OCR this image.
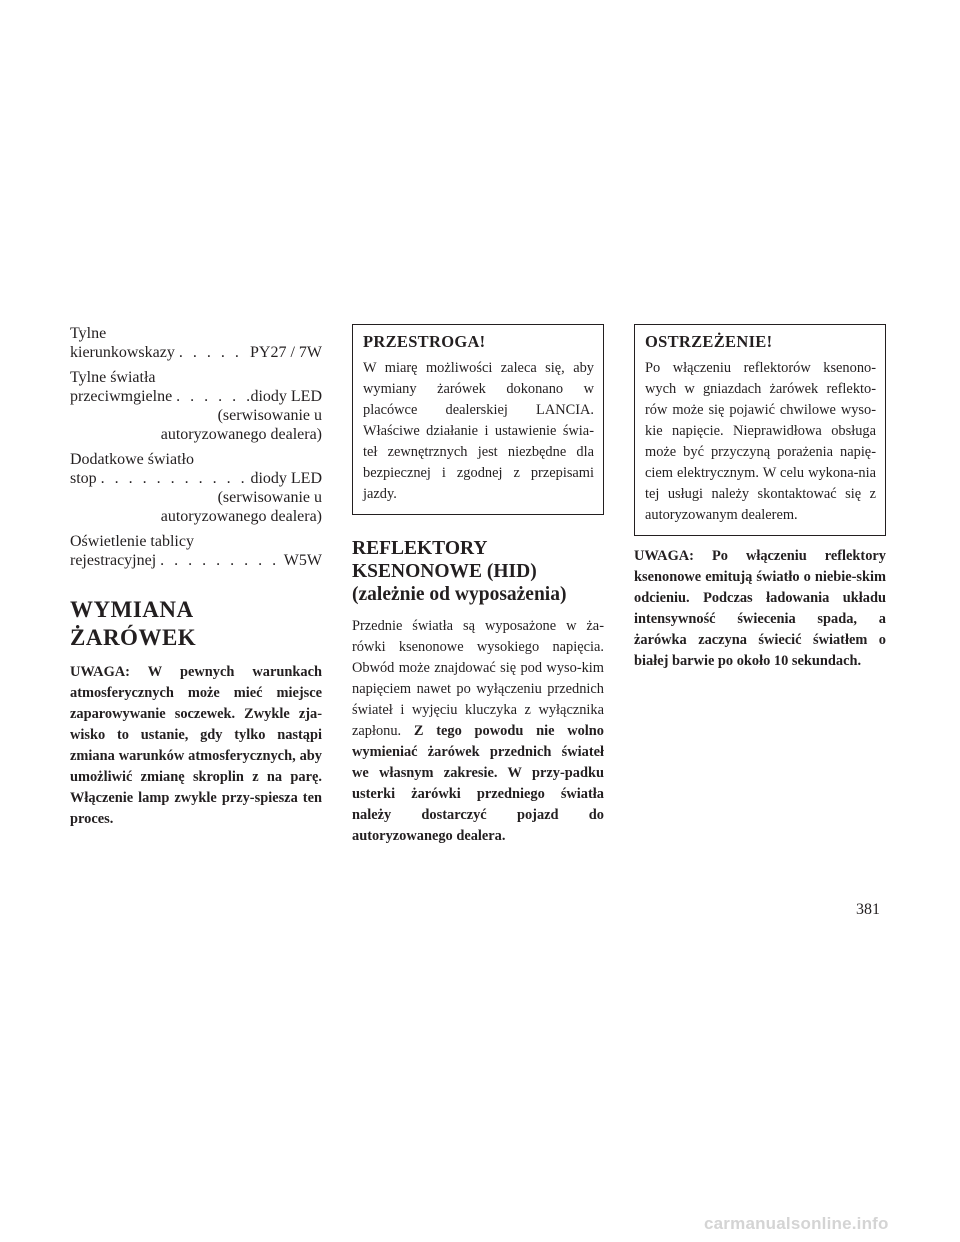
Tylne
kierunkowskazy . . .	PY27 / 7W
Tylne światła
przeciwmgielne . . .	diody LED
(serwisowanie u
autoryzowanego dealera)
Dodatkowe światło
stop . . .	diody LED
(serwisowanie u
autoryzowanego dealera)
Oświetlenie tablicy
rejestracyjnej . . .	W5W
WYMIANA ŻARÓWEK

UWAGA: W pewnych warunkach atmosferycznych może mieć miejsce zaparowywanie soczewek. Zwykle zja-wisko to ustanie, gdy tylko nastąpi zmiana warunków atmosferycznych, aby umożliwić zmianę skroplin z na parę. Włączenie lamp zwykle przy-spiesza ten proces.

PRZESTROGA!

W miarę możliwości zaleca się, aby wymiany żarówek dokonano w placówce dealerskiej LANCIA. Właściwe działanie i ustawienie świa-teł zewnętrznych jest niezbędne dla bezpiecznej i zgodnej z przepisami jazdy.

REFLEKTORY
KSENONOWE (HID)
(zależnie od wyposażenia)

Przednie światła są wyposażone w ża-rówki ksenonowe wysokiego napięcia. Obwód może znajdować się pod wyso-kim napięciem nawet po wyłączeniu przednich świateł i wyjęciu kluczyka z wyłącznika zapłonu. Z tego powodu nie wolno wymieniać żarówek przednich świateł we własnym zakresie. W przy-padku usterki żarówki przedniego światła należy dostarczyć pojazd do autoryzowanego dealera.

OSTRZEŻENIE!

Po włączeniu reflektorów ksenono-wych w gniazdach żarówek reflekto-rów może się pojawić chwilowe wyso-kie napięcie. Nieprawidłowa obsługa może być przyczyną porażenia napię-ciem elektrycznym. W celu wykona-nia tej usługi należy skontaktować się z autoryzowanym dealerem.

UWAGA: Po włączeniu reflektory ksenonowe emitują światło o niebie-skim odcieniu. Podczas ładowania układu intensywność świecenia spada, a żarówka zaczyna świecić światłem o białej barwie po około 10 sekundach.

381
carmanualsonline.info
